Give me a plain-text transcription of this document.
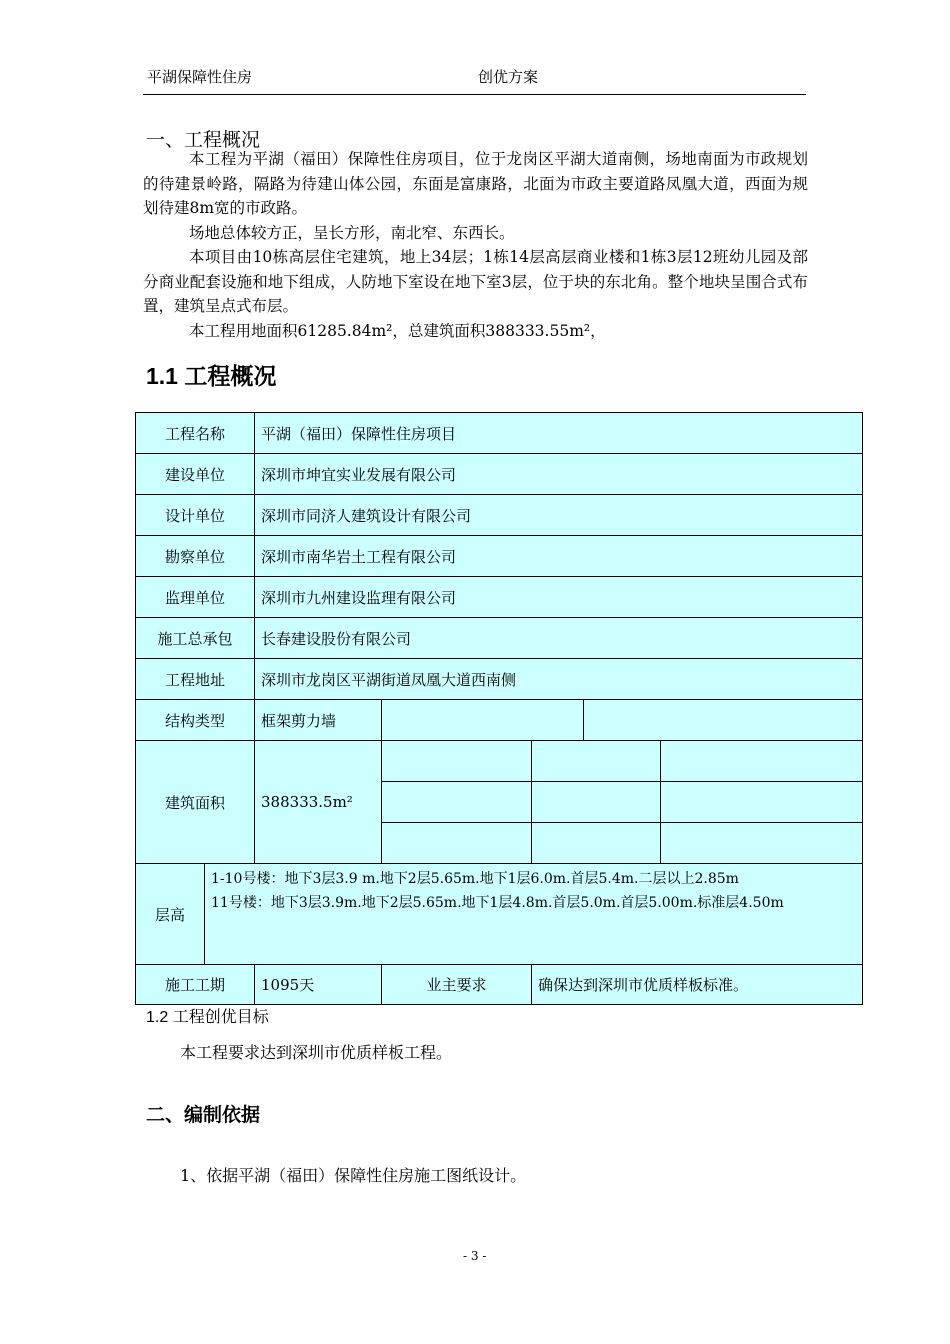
平湖保障性住房	创优方案
一、工程概况

本工程为平湖（福田）保障性住房项目，位于龙岗区平湖大道南侧，场地南面为市政规划的待建景岭路，隔路为待建山体公园，东面是富康路，北面为市政主要道路凤凰大道，西面为规划待建8m宽的市政路。

场地总体较方正，呈长方形，南北窄、东西长。

本项目由10栋高层住宅建筑，地上34层；1栋14层高层商业楼和1栋3层12班幼儿园及部分商业配套设施和地下组成，人防地下室设在地下室3层，位于块的东北角。整个地块呈围合式布置，建筑呈点式布层。

本工程用地面积61285.84m²，总建筑面积388333.55m²，

1.1 工程概况
工程名称		平湖（福田）保障性住房项目				
建设单位		深圳市坤宜实业发展有限公司				
设计单位		深圳市同济人建筑设计有限公司				
勘察单位		深圳市南华岩土工程有限公司				
监理单位		深圳市九州建设监理有限公司				
施工总承包		长春建设股份有限公司				
工程地址		深圳市龙岗区平湖街道凤凰大道西南侧				
结构类型		框架剪力墙				
建筑面积		388333.5m²				

层高	1-10号楼：地下3层3.9 m.地下2层5.65m.地下1层6.0m.首层5.4m.二层以上2.85m
11号楼：地下3层3.9m.地下2层5.65m.地下1层4.8m.首层5.0m.首层5.00m.标准层4.50m					

施工工期		1095天	业主要求	确保达到深圳市优质样板标准。		
1.2 工程创优目标
本工程要求达到深圳市优质样板工程。
二、编制依据
1、依据平湖（福田）保障性住房施工图纸设计。
- 3 -
